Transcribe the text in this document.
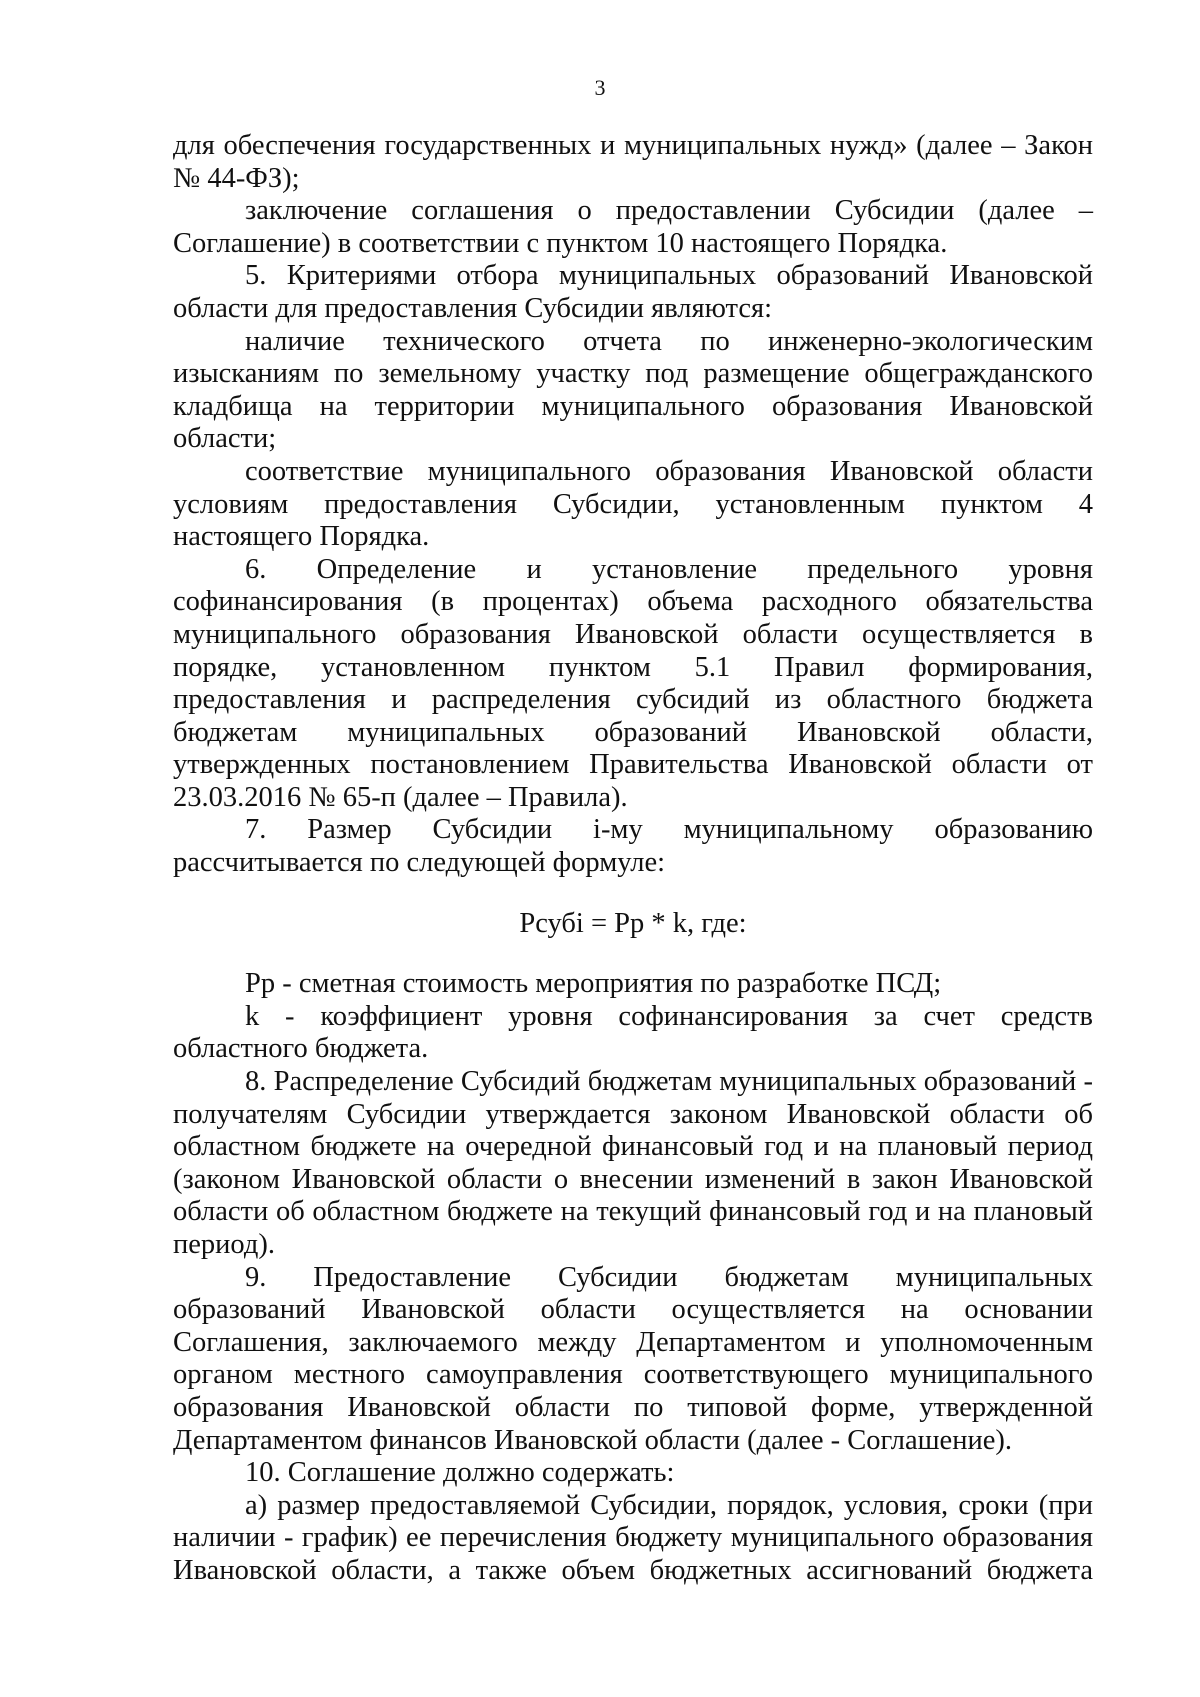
3

для обеспечения государственных и муниципальных нужд» (далее – Закон № 44-ФЗ);

заключение соглашения о предоставлении Субсидии (далее – Соглашение) в соответствии с пунктом 10 настоящего Порядка.

5. Критериями отбора муниципальных образований Ивановской области для предоставления Субсидии являются:

наличие технического отчета по инженерно-экологическим изысканиям по земельному участку под размещение общегражданского кладбища на территории муниципального образования Ивановской области;

соответствие муниципального образования Ивановской области условиям предоставления Субсидии, установленным пунктом 4 настоящего Порядка.

6. Определение и установление предельного уровня софинансирования (в процентах) объема расходного обязательства муниципального образования Ивановской области осуществляется в порядке, установленном пунктом 5.1 Правил формирования, предоставления и распределения субсидий из областного бюджета бюджетам муниципальных образований Ивановской области, утвержденных постановлением Правительства Ивановской области от 23.03.2016 № 65-п (далее – Правила).

7. Размер Субсидии i-му муниципальному образованию рассчитывается по следующей формуле:

Рсубi = Рр * k, где:

Рр - сметная стоимость мероприятия по разработке ПСД;

k - коэффициент уровня софинансирования за счет средств областного бюджета.

8. Распределение Субсидий бюджетам муниципальных образований - получателям Субсидии утверждается законом Ивановской области об областном бюджете на очередной финансовый год и на плановый период (законом Ивановской области о внесении изменений в закон Ивановской области об областном бюджете на текущий финансовый год и на плановый период).

9. Предоставление Субсидии бюджетам муниципальных образований Ивановской области осуществляется на основании Соглашения, заключаемого между Департаментом и уполномоченным органом местного самоуправления соответствующего муниципального образования Ивановской области по типовой форме, утвержденной Департаментом финансов Ивановской области (далее - Соглашение).

10. Соглашение должно содержать:

а) размер предоставляемой Субсидии, порядок, условия, сроки (при наличии - график) ее перечисления бюджету муниципального образования Ивановской области, а также объем бюджетных ассигнований бюджета
